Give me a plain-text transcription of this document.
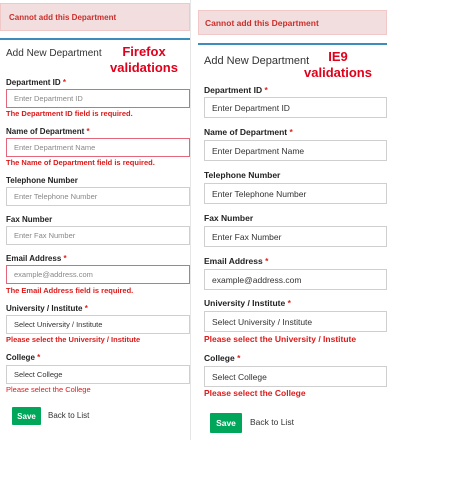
Cannot add this Department
Add New Department	Firefox
validations
Department ID *
Enter Department ID
The Department ID field is required.
Name of Department *
Enter Department Name
The Name of Department field is required.
Telephone Number
Enter Telephone Number
Fax Number
Enter Fax Number
Email Address *
example@address.com
The Email Address field is required.
University / Institute *
Select University / Institute
Please select the University / Institute
College *
Select College
Please select the College
Save	Back to List
Cannot add this Department
Add New Department	IE9
validations
Department ID *
Enter Department ID
Name of Department *
Enter Department Name
Telephone Number
Enter Telephone Number
Fax Number
Enter Fax Number
Email Address *
example@address.com
University / Institute *
Select University / Institute
Please select the University / Institute
College *
Select College
Please select the College
Save	Back to List
